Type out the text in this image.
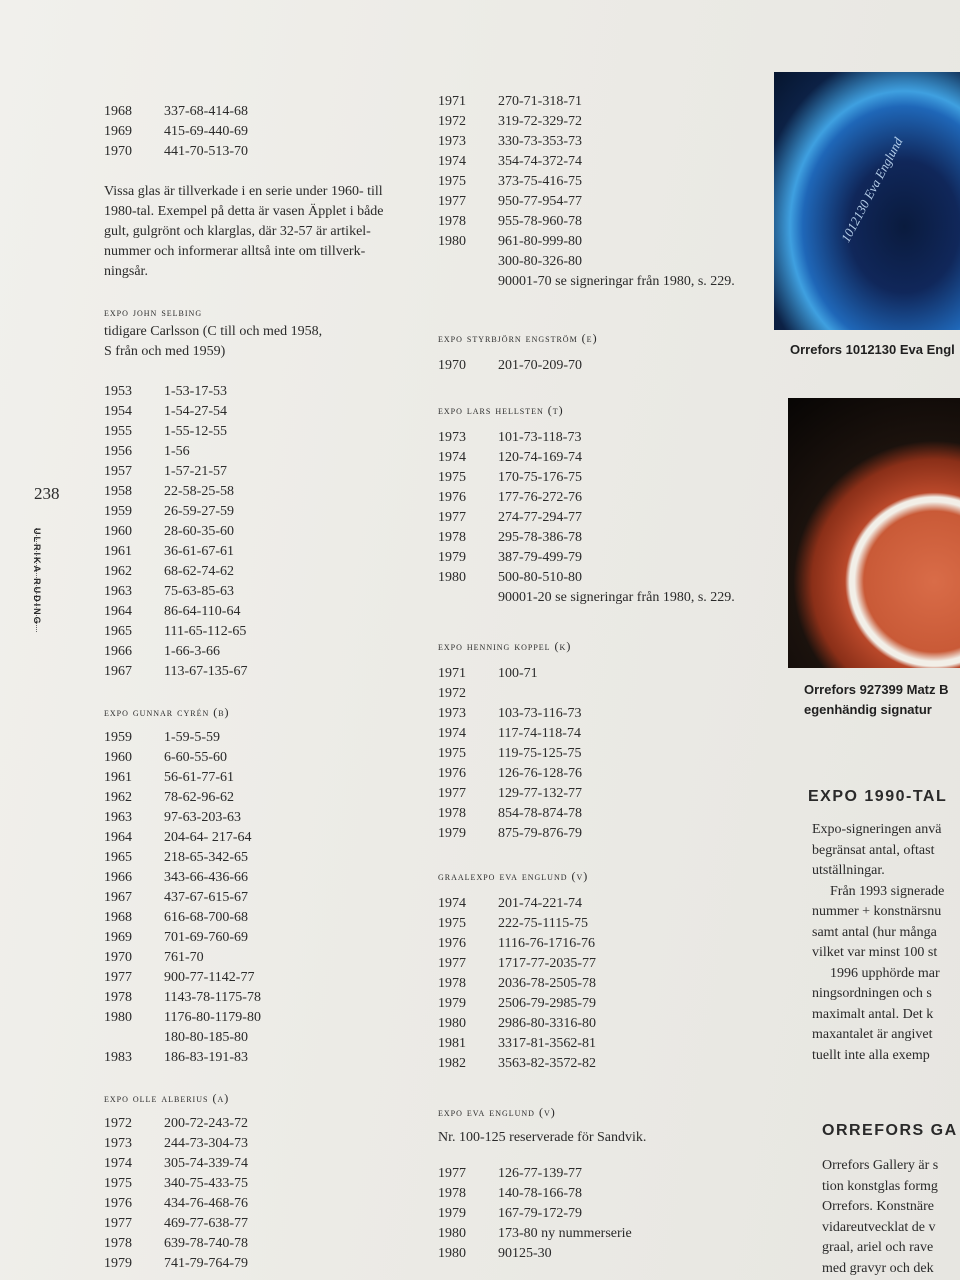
238
ULRIKA RUDING
1968	337-68-414-68
1969	415-69-440-69
1970	441-70-513-70
Vissa glas är tillverkade i en serie under 1960- till
1980-tal. Exempel på detta är vasen Äpplet i både
gult, gulgrönt och klarglas, där 32-57 är artikel-
nummer och informerar alltså inte om tillverk-
ningsår.
expo john selbing
tidigare Carlsson (C till och med 1958,
S från och med 1959)
1953	1-53-17-53
1954	1-54-27-54
1955	1-55-12-55
1956	1-56
1957	1-57-21-57
1958	22-58-25-58
1959	26-59-27-59
1960	28-60-35-60
1961	36-61-67-61
1962	68-62-74-62
1963	75-63-85-63
1964	86-64-110-64
1965	111-65-112-65
1966	1-66-3-66
1967	113-67-135-67
expo gunnar cyrén (b)
1959	1-59-5-59
1960	6-60-55-60
1961	56-61-77-61
1962	78-62-96-62
1963	97-63-203-63
1964	204-64- 217-64
1965	218-65-342-65
1966	343-66-436-66
1967	437-67-615-67
1968	616-68-700-68
1969	701-69-760-69
1970	761-70
1977	900-77-1142-77
1978	1143-78-1175-78
1980	1176-80-1179-80
180-80-185-80
1983	186-83-191-83
expo olle alberius (a)
1972	200-72-243-72
1973	244-73-304-73
1974	305-74-339-74
1975	340-75-433-75
1976	434-76-468-76
1977	469-77-638-77
1978	639-78-740-78
1979	741-79-764-79
1971	270-71-318-71
1972	319-72-329-72
1973	330-73-353-73
1974	354-74-372-74
1975	373-75-416-75
1977	950-77-954-77
1978	955-78-960-78
1980	961-80-999-80
300-80-326-80
90001-70 se signeringar från 1980, s. 229.
expo styrbjörn engström (e)
1970	201-70-209-70
expo lars hellsten (t)
1973	101-73-118-73
1974	120-74-169-74
1975	170-75-176-75
1976	177-76-272-76
1977	274-77-294-77
1978	295-78-386-78
1979	387-79-499-79
1980	500-80-510-80
90001-20 se signeringar från 1980, s. 229.
expo henning koppel (k)
1971	100-71
1972
1973	103-73-116-73
1974	117-74-118-74
1975	119-75-125-75
1976	126-76-128-76
1977	129-77-132-77
1978	854-78-874-78
1979	875-79-876-79
graalexpo eva englund (v)
1974	201-74-221-74
1975	222-75-1115-75
1976	1116-76-1716-76
1977	1717-77-2035-77
1978	2036-78-2505-78
1979	2506-79-2985-79
1980	2986-80-3316-80
1981	3317-81-3562-81
1982	3563-82-3572-82
expo eva englund (v)
Nr. 100-125 reserverade för Sandvik.
1977	126-77-139-77
1978	140-78-166-78
1979	167-79-172-79
1980	173-80 ny nummerserie
1980	90125-30
1012130 Eva Englund
Orrefors 1012130 Eva Engl
Orrefors 927399 Matz B
egenhändig signatur
EXPO 1990-TAL
Expo-signeringen anvä
begränsat antal, oftast
utställningar.
Från 1993 signerade
nummer + konstnärsnu
samt antal (hur många
vilket var minst 100 st
1996 upphörde mar
ningsordningen och s
maximalt antal. Det k
maxantalet är angivet
tuellt inte alla exemp
ORREFORS GA
Orrefors Gallery är s
tion konstglas formg
Orrefors. Konstnäre
vidareutvecklat de v
graal, ariel och rave
med gravyr och dek
